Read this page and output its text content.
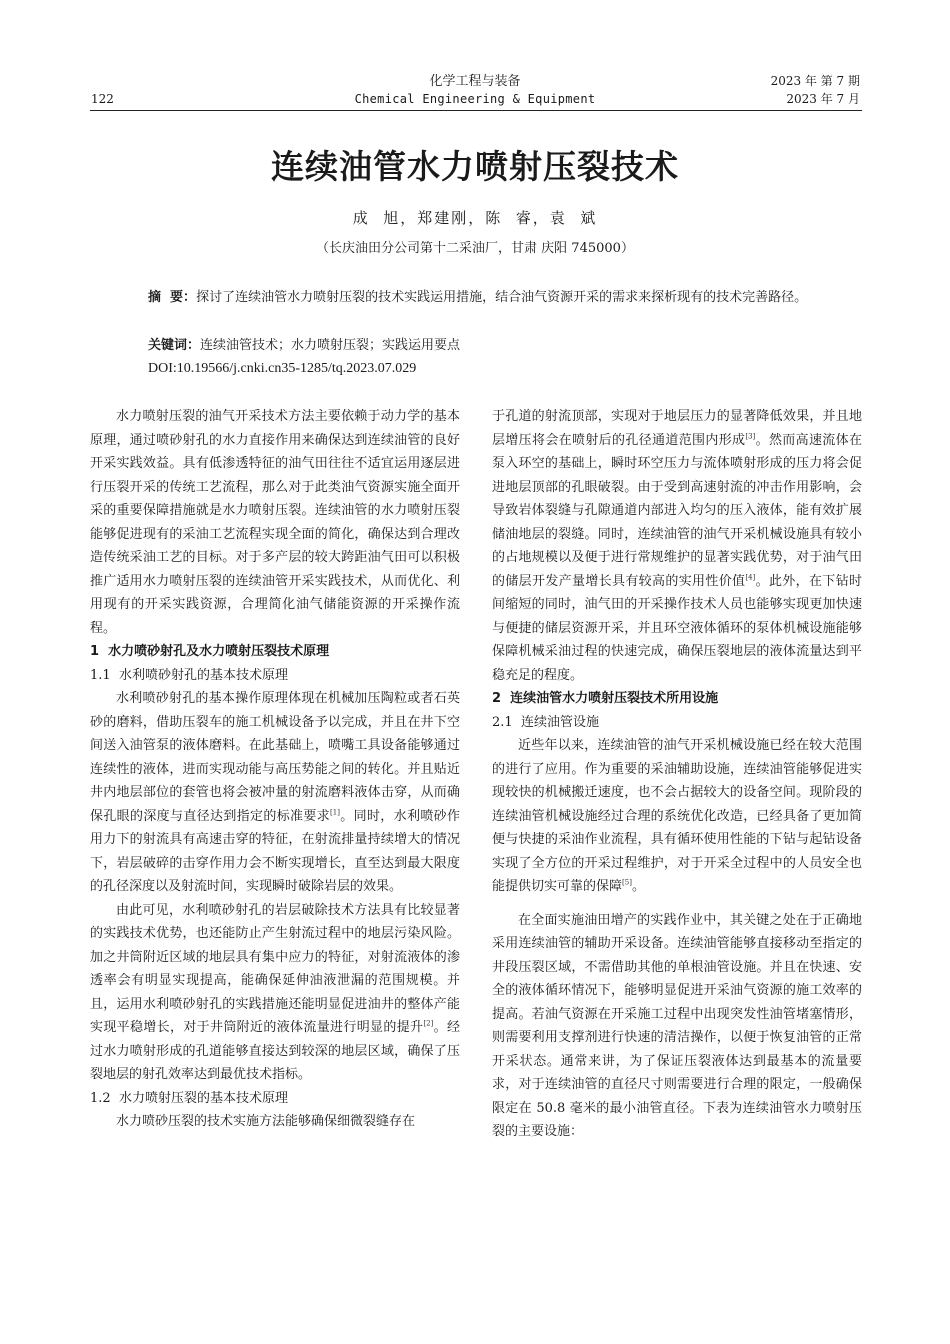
化学工程与装备
Chemical Engineering & Equipment
122
2023 年 第 7 期
2023 年 7 月
连续油管水力喷射压裂技术
成  旭，郑建刚，陈  睿，袁  斌
（长庆油田分公司第十二采油厂，甘肃 庆阳 745000）
摘  要：探讨了连续油管水力喷射压裂的技术实践运用措施，结合油气资源开采的需求来探析现有的技术完善路径。
关键词：连续油管技术；水力喷射压裂；实践运用要点
DOI:10.19566/j.cnki.cn35-1285/tq.2023.07.029

水力喷射压裂的油气开采技术方法主要依赖于动力学的基本原理，通过喷砂射孔的水力直接作用来确保达到连续油管的良好开采实践效益。具有低渗透特征的油气田往往不适宜运用逐层进行压裂开采的传统工艺流程，那么对于此类油气资源实施全面开采的重要保障措施就是水力喷射压裂。连续油管的水力喷射压裂能够促进现有的采油工艺流程实现全面的简化，确保达到合理改造传统采油工艺的目标。对于多产层的较大跨距油气田可以积极推广适用水力喷射压裂的连续油管开采实践技术，从而优化、利用现有的开采实践资源，合理简化油气储能资源的开采操作流程。

1  水力喷砂射孔及水力喷射压裂技术原理
1.1  水利喷砂射孔的基本技术原理

水利喷砂射孔的基本操作原理体现在机械加压陶粒或者石英砂的磨料，借助压裂车的施工机械设备予以完成，并且在井下空间送入油管泵的液体磨料。在此基础上，喷嘴工具设备能够通过连续性的液体，进而实现动能与高压势能之间的转化。并且贴近井内地层部位的套管也将会被冲量的射流磨料液体击穿，从而确保孔眼的深度与直径达到指定的标准要求[1]。同时，水利喷砂作用力下的射流具有高速击穿的特征，在射流排量持续增大的情况下，岩层破碎的击穿作用力会不断实现增长，直至达到最大限度的孔径深度以及射流时间，实现瞬时破除岩层的效果。

由此可见，水利喷砂射孔的岩层破除技术方法具有比较显著的实践技术优势，也还能防止产生射流过程中的地层污染风险。加之井筒附近区域的地层具有集中应力的特征，对射流液体的渗透率会有明显实现提高，能确保延伸油液泄漏的范围规模。并且，运用水利喷砂射孔的实践措施还能明显促进油井的整体产能实现平稳增长，对于井筒附近的液体流量进行明显的提升[2]。经过水力喷射形成的孔道能够直接达到较深的地层区域，确保了压裂地层的射孔效率达到最优技术指标。

1.2  水力喷射压裂的基本技术原理

水力喷砂压裂的技术实施方法能够确保细微裂缝存在

于孔道的射流顶部，实现对于地层压力的显著降低效果，并且地层增压将会在喷射后的孔径通道范围内形成[3]。然而高速流体在泵入环空的基础上，瞬时环空压力与流体喷射形成的压力将会促进地层顶部的孔眼破裂。由于受到高速射流的冲击作用影响，会导致岩体裂缝与孔隙通道内部进入均匀的压入液体，能有效扩展储油地层的裂缝。同时，连续油管的油气开采机械设施具有较小的占地规模以及便于进行常规维护的显著实践优势，对于油气田的储层开发产量增长具有较高的实用性价值[4]。此外，在下钻时间缩短的同时，油气田的开采操作技术人员也能够实现更加快速与便捷的储层资源开采，并且环空液体循环的泵体机械设施能够保障机械采油过程的快速完成，确保压裂地层的液体流量达到平稳充足的程度。

2  连续油管水力喷射压裂技术所用设施
2.1  连续油管设施

近些年以来，连续油管的油气开采机械设施已经在较大范围的进行了应用。作为重要的采油辅助设施，连续油管能够促进实现较快的机械搬迁速度，也不会占据较大的设备空间。现阶段的连续油管机械设施经过合理的系统优化改造，已经具备了更加简便与快捷的采油作业流程，具有循环使用性能的下钻与起钻设备实现了全方位的开采过程维护，对于开采全过程中的人员安全也能提供切实可靠的保障[5]。

在全面实施油田增产的实践作业中，其关键之处在于正确地采用连续油管的辅助开采设备。连续油管能够直接移动至指定的井段压裂区域，不需借助其他的单根油管设施。并且在快速、安全的液体循环情况下，能够明显促进开采油气资源的施工效率的提高。若油气资源在开采施工过程中出现突发性油管堵塞情形，则需要利用支撑剂进行快速的清洁操作，以便于恢复油管的正常开采状态。通常来讲，为了保证压裂液体达到最基本的流量要求，对于连续油管的直径尺寸则需要进行合理的限定，一般确保限定在 50.8 毫米的最小油管直径。下表为连续油管水力喷射压裂的主要设施：
